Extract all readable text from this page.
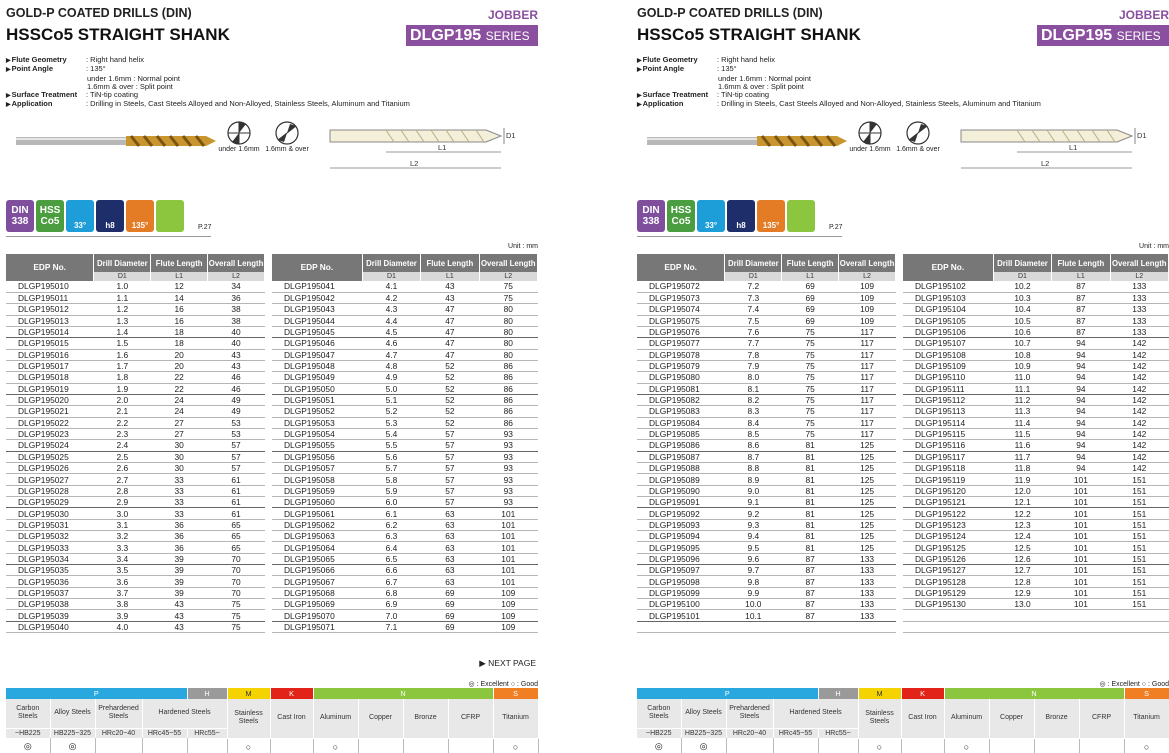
GOLD-P COATED DRILLS (DIN)
HSSCo5 STRAIGHT SHANK
JOBBER
DLGP195 SERIES
▶ Flute Geometry	: Right hand helix
▶ Point Angle	: 135°
under 1.6mm : Normal point
1.6mm & over : Split point
▶ Surface Treatment	: TiN-tip coating
▶ Application	: Drilling in Steels, Cast Steels Alloyed and Non-Alloyed, Stainless Steels, Aluminum and Titanium
under 1.6mm 1.6mm & over
D1
L1
L2
DIN
338
HSS
Co5 33° h8 135°	P.27
Unit : mm
EDP No.	Drill Diameter	Flute Length	Overall Length
	D1	L1	L2
DLGP195010	1.0	12	34
DLGP195011	1.1	14	36
DLGP195012	1.2	16	38
DLGP195013	1.3	16	38
DLGP195014	1.4	18	40
DLGP195015	1.5	18	40
DLGP195016	1.6	20	43
DLGP195017	1.7	20	43
DLGP195018	1.8	22	46
DLGP195019	1.9	22	46
DLGP195020	2.0	24	49
DLGP195021	2.1	24	49
DLGP195022	2.2	27	53
DLGP195023	2.3	27	53
DLGP195024	2.4	30	57
DLGP195025	2.5	30	57
DLGP195026	2.6	30	57
DLGP195027	2.7	33	61
DLGP195028	2.8	33	61
DLGP195029	2.9	33	61
DLGP195030	3.0	33	61
DLGP195031	3.1	36	65
DLGP195032	3.2	36	65
DLGP195033	3.3	36	65
DLGP195034	3.4	39	70
DLGP195035	3.5	39	70
DLGP195036	3.6	39	70
DLGP195037	3.7	39	70
DLGP195038	3.8	43	75
DLGP195039	3.9	43	75
DLGP195040	4.0	43	75
EDP No.	Drill Diameter	Flute Length	Overall Length
	D1	L1	L2
DLGP195041	4.1	43	75
DLGP195042	4.2	43	75
DLGP195043	4.3	47	80
DLGP195044	4.4	47	80
DLGP195045	4.5	47	80
DLGP195046	4.6	47	80
DLGP195047	4.7	47	80
DLGP195048	4.8	52	86
DLGP195049	4.9	52	86
DLGP195050	5.0	52	86
DLGP195051	5.1	52	86
DLGP195052	5.2	52	86
DLGP195053	5.3	52	86
DLGP195054	5.4	57	93
DLGP195055	5.5	57	93
DLGP195056	5.6	57	93
DLGP195057	5.7	57	93
DLGP195058	5.8	57	93
DLGP195059	5.9	57	93
DLGP195060	6.0	57	93
DLGP195061	6.1	63	101
DLGP195062	6.2	63	101
DLGP195063	6.3	63	101
DLGP195064	6.4	63	101
DLGP195065	6.5	63	101
DLGP195066	6.6	63	101
DLGP195067	6.7	63	101
DLGP195068	6.8	69	109
DLGP195069	6.9	69	109
DLGP195070	7.0	69	109
DLGP195071	7.1	69	109
▶ NEXT PAGE
◎ : Excellent ○ : Good
P				H	M	K	N				S
Carbon Steels	Alloy Steels	Prehardened Steels	Hardened Steels		Stainless Steels	Cast Iron	Aluminum	Copper	Bronze	CFRP	Titanium
~HB225	HB225~325	HRc20~40	HRc45~55	HRc55~							
◎	◎				○		○				○
GOLD-P COATED DRILLS (DIN)
HSSCo5 STRAIGHT SHANK
JOBBER
DLGP195 SERIES
▶ Flute Geometry	: Right hand helix
▶ Point Angle	: 135°
under 1.6mm : Normal point
1.6mm & over : Split point
▶ Surface Treatment	: TiN-tip coating
▶ Application	: Drilling in Steels, Cast Steels Alloyed and Non-Alloyed, Stainless Steels, Aluminum and Titanium
under 1.6mm 1.6mm & over
D1
L1
L2
DIN
338
HSS
Co5 33° h8 135°	P.27
Unit : mm
EDP No.	Drill Diameter	Flute Length	Overall Length
	D1	L1	L2
DLGP195072	7.2	69	109
DLGP195073	7.3	69	109
DLGP195074	7.4	69	109
DLGP195075	7.5	69	109
DLGP195076	7.6	75	117
DLGP195077	7.7	75	117
DLGP195078	7.8	75	117
DLGP195079	7.9	75	117
DLGP195080	8.0	75	117
DLGP195081	8.1	75	117
DLGP195082	8.2	75	117
DLGP195083	8.3	75	117
DLGP195084	8.4	75	117
DLGP195085	8.5	75	117
DLGP195086	8.6	81	125
DLGP195087	8.7	81	125
DLGP195088	8.8	81	125
DLGP195089	8.9	81	125
DLGP195090	9.0	81	125
DLGP195091	9.1	81	125
DLGP195092	9.2	81	125
DLGP195093	9.3	81	125
DLGP195094	9.4	81	125
DLGP195095	9.5	81	125
DLGP195096	9.6	87	133
DLGP195097	9.7	87	133
DLGP195098	9.8	87	133
DLGP195099	9.9	87	133
DLGP195100	10.0	87	133
DLGP195101	10.1	87	133

EDP No.	Drill Diameter	Flute Length	Overall Length
	D1	L1	L2
DLGP195102	10.2	87	133
DLGP195103	10.3	87	133
DLGP195104	10.4	87	133
DLGP195105	10.5	87	133
DLGP195106	10.6	87	133
DLGP195107	10.7	94	142
DLGP195108	10.8	94	142
DLGP195109	10.9	94	142
DLGP195110	11.0	94	142
DLGP195111	11.1	94	142
DLGP195112	11.2	94	142
DLGP195113	11.3	94	142
DLGP195114	11.4	94	142
DLGP195115	11.5	94	142
DLGP195116	11.6	94	142
DLGP195117	11.7	94	142
DLGP195118	11.8	94	142
DLGP195119	11.9	101	151
DLGP195120	12.0	101	151
DLGP195121	12.1	101	151
DLGP195122	12.2	101	151
DLGP195123	12.3	101	151
DLGP195124	12.4	101	151
DLGP195125	12.5	101	151
DLGP195126	12.6	101	151
DLGP195127	12.7	101	151
DLGP195128	12.8	101	151
DLGP195129	12.9	101	151
DLGP195130	13.0	101	151

◎ : Excellent ○ : Good
P				H	M	K	N				S
Carbon Steels	Alloy Steels	Prehardened Steels	Hardened Steels		Stainless Steels	Cast Iron	Aluminum	Copper	Bronze	CFRP	Titanium
~HB225	HB225~325	HRc20~40	HRc45~55	HRc55~							
◎	◎				○		○				○
